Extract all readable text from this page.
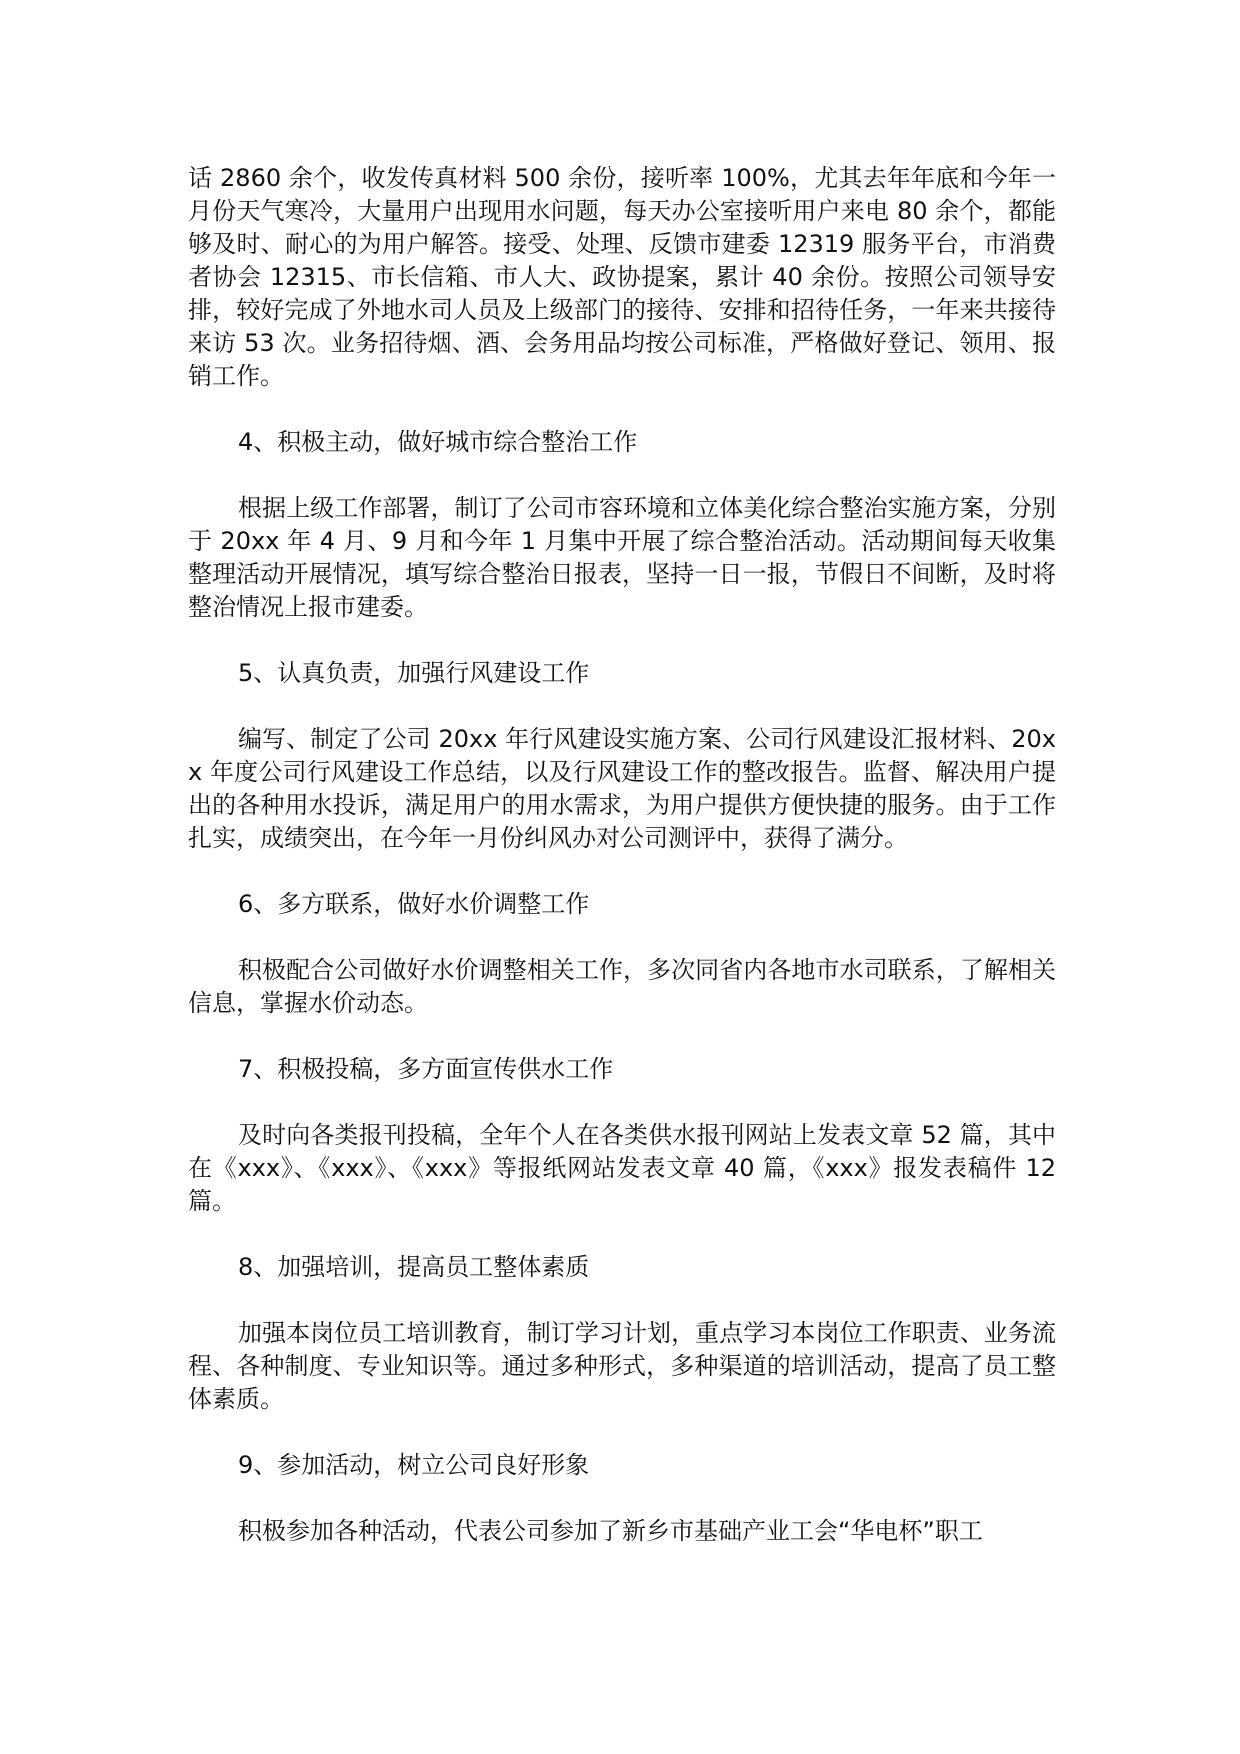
话 2860 余个，收发传真材料 500 余份，接听率 100%，尤其去年年底和今年一月份天气寒冷，大量用户出现用水问题，每天办公室接听用户来电 80 余个，都能够及时、耐心的为用户解答。接受、处理、反馈市建委 12319 服务平台，市消费者协会 12315、市长信箱、市人大、政协提案，累计 40 余份。按照公司领导安排，较好完成了外地水司人员及上级部门的接待、安排和招待任务，一年来共接待来访 53 次。业务招待烟、酒、会务用品均按公司标准，严格做好登记、领用、报销工作。

4、积极主动，做好城市综合整治工作

根据上级工作部署，制订了公司市容环境和立体美化综合整治实施方案，分别于 20xx 年 4 月、9 月和今年 1 月集中开展了综合整治活动。活动期间每天收集整理活动开展情况，填写综合整治日报表，坚持一日一报，节假日不间断，及时将整治情况上报市建委。

5、认真负责，加强行风建设工作

编写、制定了公司 20xx 年行风建设实施方案、公司行风建设汇报材料、20xx 年度公司行风建设工作总结，以及行风建设工作的整改报告。监督、解决用户提出的各种用水投诉，满足用户的用水需求，为用户提供方便快捷的服务。由于工作扎实，成绩突出，在今年一月份纠风办对公司测评中，获得了满分。

6、多方联系，做好水价调整工作

积极配合公司做好水价调整相关工作，多次同省内各地市水司联系，了解相关信息，掌握水价动态。

7、积极投稿，多方面宣传供水工作

及时向各类报刊投稿，全年个人在各类供水报刊网站上发表文章 52 篇，其中在《xxx》、《xxx》、《xxx》等报纸网站发表文章 40 篇，《xxx》报发表稿件 12 篇。

8、加强培训，提高员工整体素质

加强本岗位员工培训教育，制订学习计划，重点学习本岗位工作职责、业务流程、各种制度、专业知识等。通过多种形式，多种渠道的培训活动，提高了员工整体素质。

9、参加活动，树立公司良好形象

积极参加各种活动，代表公司参加了新乡市基础产业工会“华电杯”职工
